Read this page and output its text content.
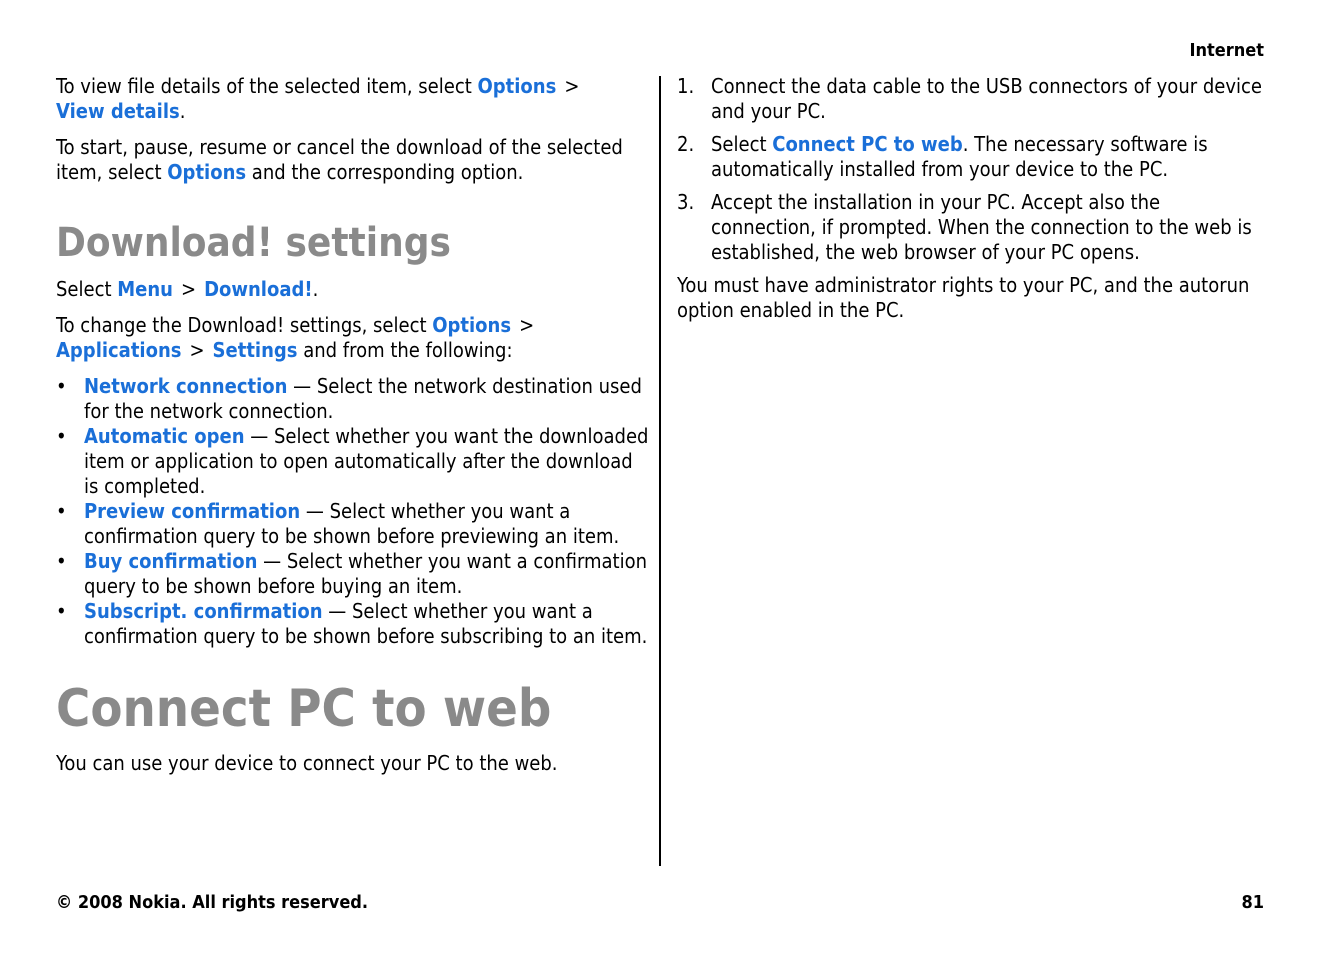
Internet

To view file details of the selected item, select Options >
View details.

To start, pause, resume or cancel the download of the selected item, select Options and the corresponding option.

Download! settings

Select Menu > Download!.

To change the Download! settings, select Options >
Applications > Settings and from the following:

• Network connection — Select the network destination used for the network connection.
• Automatic open — Select whether you want the downloaded item or application to open automatically after the download is completed.
• Preview confirmation — Select whether you want a confirmation query to be shown before previewing an item.
• Buy confirmation — Select whether you want a confirmation query to be shown before buying an item.
• Subscript. confirmation — Select whether you want a confirmation query to be shown before subscribing to an item.
Connect PC to web

You can use your device to connect your PC to the web.

1. Connect the data cable to the USB connectors of your device and your PC.
2. Select Connect PC to web. The necessary software is automatically installed from your device to the PC.
3. Accept the installation in your PC. Accept also the connection, if prompted. When the connection to the web is established, the web browser of your PC opens.

You must have administrator rights to your PC, and the autorun option enabled in the PC.

© 2008 Nokia. All rights reserved.	81
